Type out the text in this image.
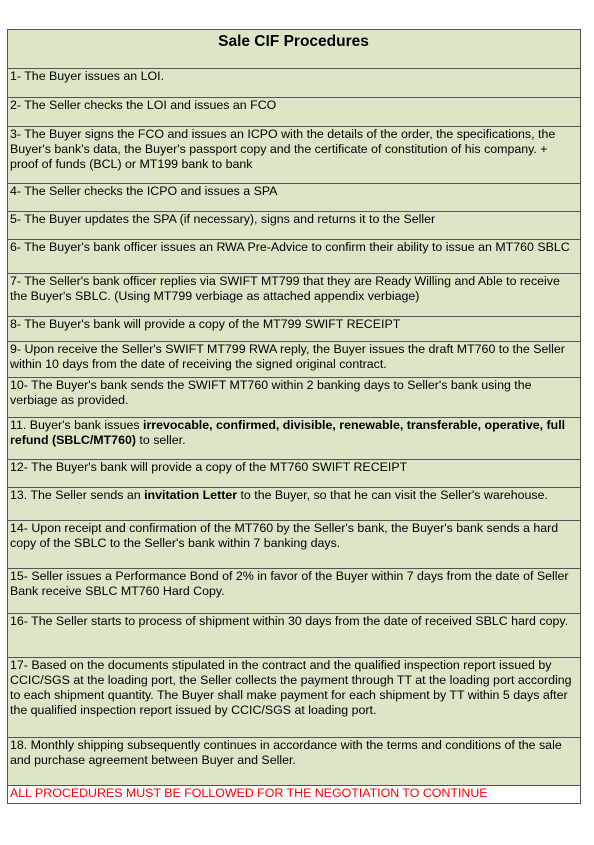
Sale CIF Procedures
1- The Buyer issues an LOI.
2- The Seller checks the LOI and issues an FCO
3- The Buyer signs the FCO and issues an ICPO with the details of the order, the specifications, the Buyer's bank's data, the Buyer's passport copy and the certificate of constitution of his company. + proof of funds (BCL) or MT199 bank to bank
4- The Seller checks the ICPO and issues a SPA
5- The Buyer updates the SPA (if necessary), signs and returns it to the Seller
6- The Buyer's bank officer issues an RWA Pre-Advice to confirm their ability to issue an MT760 SBLC
7- The Seller's bank officer replies via SWIFT MT799 that they are Ready Willing and Able to receive the Buyer's SBLC. (Using MT799 verbiage as attached appendix verbiage)
8- The Buyer's bank will provide a copy of the MT799 SWIFT RECEIPT
9- Upon receive the Seller's SWIFT MT799 RWA reply, the Buyer issues the draft MT760 to the Seller within 10 days from the date of receiving the signed original contract.
10- The Buyer's bank sends the SWIFT MT760 within 2 banking days to Seller's bank using the verbiage as provided.
11. Buyer's bank issues irrevocable, confirmed, divisible, renewable, transferable, operative, full refund (SBLC/MT760) to seller.
12- The Buyer's bank will provide a copy of the MT760 SWIFT RECEIPT
13. The Seller sends an invitation Letter to the Buyer, so that he can visit the Seller's warehouse.
14- Upon receipt and confirmation of the MT760 by the Seller's bank, the Buyer's bank sends a hard copy of the SBLC to the Seller's bank within 7 banking days.
15- Seller issues a Performance Bond of 2% in favor of the Buyer within 7 days from the date of Seller Bank receive SBLC MT760 Hard Copy.
16- The Seller starts to process of shipment within 30 days from the date of received SBLC hard copy.
17- Based on the documents stipulated in the contract and the qualified inspection report issued by CCIC/SGS at the loading port, the Seller collects the payment through TT at the loading port according to each shipment quantity. The Buyer shall make payment for each shipment by TT within 5 days after the qualified inspection report issued by CCIC/SGS at loading port.
18. Monthly shipping subsequently continues in accordance with the terms and conditions of the sale and purchase agreement between Buyer and Seller.
ALL PROCEDURES MUST BE FOLLOWED FOR THE NEGOTIATION TO CONTINUE
